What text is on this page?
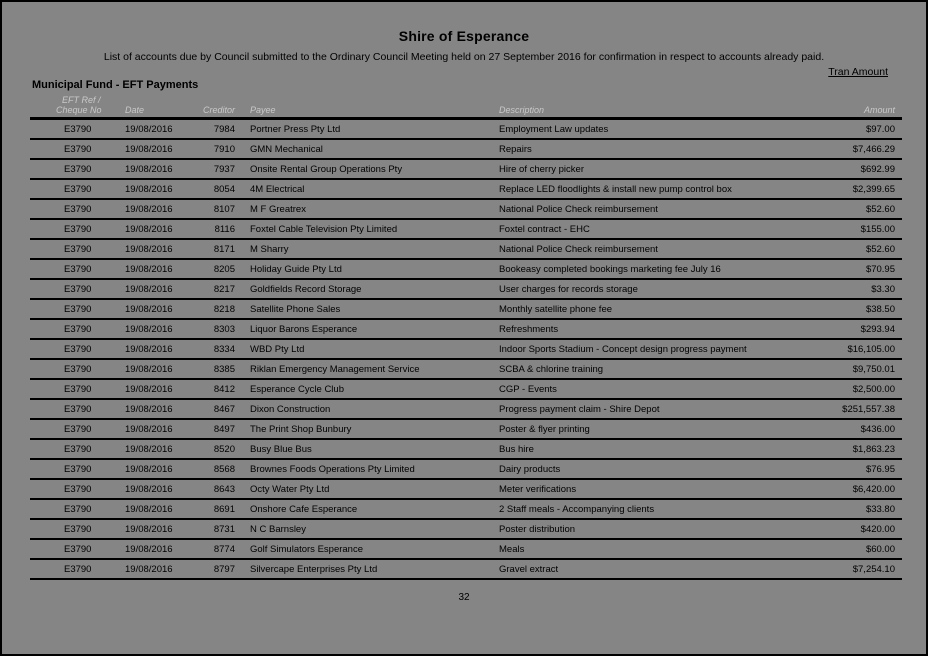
Shire of Esperance
List of accounts due by Council submitted to the Ordinary Council Meeting held on 27 September 2016 for confirmation in respect to accounts already paid.
Tran Amount
Municipal Fund - EFT Payments
EFT Ref /
Cheque No	Date	Creditor	Payee	Description	Amount
E3790	19/08/2016	7984	Portner Press Pty Ltd	Employment Law updates	$97.00
E3790	19/08/2016	7910	GMN Mechanical	Repairs	$7,466.29
E3790	19/08/2016	7937	Onsite Rental Group Operations Pty	Hire of cherry picker	$692.99
E3790	19/08/2016	8054	4M Electrical	Replace LED floodlights & install new pump control box	$2,399.65
E3790	19/08/2016	8107	M F Greatrex	National Police Check reimbursement	$52.60
E3790	19/08/2016	8116	Foxtel Cable Television Pty Limited	Foxtel contract - EHC	$155.00
E3790	19/08/2016	8171	M Sharry	National Police Check reimbursement	$52.60
E3790	19/08/2016	8205	Holiday Guide Pty Ltd	Bookeasy completed bookings marketing fee July 16	$70.95
E3790	19/08/2016	8217	Goldfields Record Storage	User charges for records storage	$3.30
E3790	19/08/2016	8218	Satellite Phone Sales	Monthly satellite phone fee	$38.50
E3790	19/08/2016	8303	Liquor Barons Esperance	Refreshments	$293.94
E3790	19/08/2016	8334	WBD Pty Ltd	Indoor Sports Stadium - Concept design progress payment	$16,105.00
E3790	19/08/2016	8385	Riklan Emergency Management Service	SCBA & chlorine training	$9,750.01
E3790	19/08/2016	8412	Esperance Cycle Club	CGP - Events	$2,500.00
E3790	19/08/2016	8467	Dixon Construction	Progress payment claim - Shire Depot	$251,557.38
E3790	19/08/2016	8497	The Print Shop Bunbury	Poster & flyer printing	$436.00
E3790	19/08/2016	8520	Busy Blue Bus	Bus hire	$1,863.23
E3790	19/08/2016	8568	Brownes Foods Operations Pty Limited	Dairy products	$76.95
E3790	19/08/2016	8643	Octy Water Pty Ltd	Meter verifications	$6,420.00
E3790	19/08/2016	8691	Onshore Cafe Esperance	2 Staff meals - Accompanying clients	$33.80
E3790	19/08/2016	8731	N C Barnsley	Poster distribution	$420.00
E3790	19/08/2016	8774	Golf Simulators Esperance	Meals	$60.00
E3790	19/08/2016	8797	Silvercape Enterprises Pty Ltd	Gravel extract	$7,254.10
32
